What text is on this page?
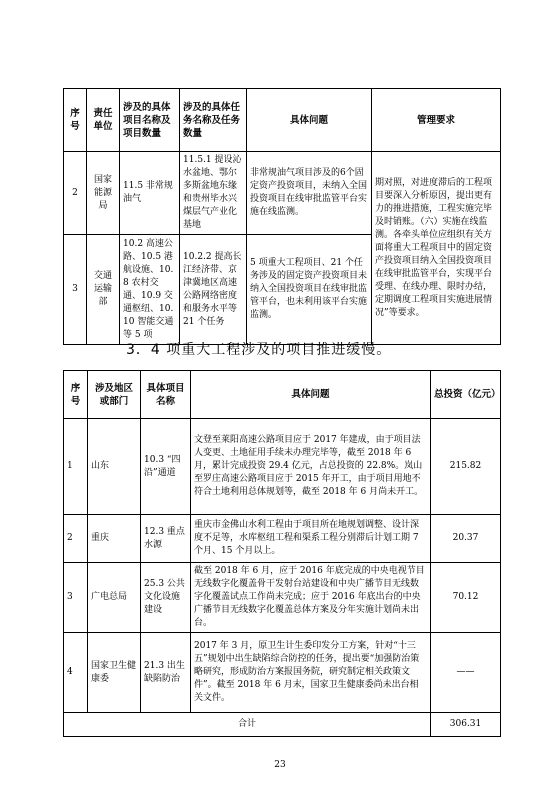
序号	责任单位	涉及的具体项目名称及项目数量	涉及的具体任务名称及任务数量	具体问题	管理要求
2	国家能源局	11.5 非常规油气	11.5.1 提设沁水盆地、鄂尔多斯盆地东缘和贵州毕水兴煤层气产业化基地	非常规油气项目涉及的6个固定资产投资项目，未纳入全国投资项目在线审批监管平台实施在线监测。	期对照，对进度滞后的工程项目要深入分析原因，提出更有力的推进措施，工程实施完毕及时销账。（六）实施在线监测。各牵头单位应组织有关方面将重大工程项目中的固定资产投资项目纳入全国投资项目在线审批监管平台，实现平台受理、在线办理、限时办结，定期调度工程项目实施进展情况”等要求。
3	交通运输部	10.2 高速公路、10.5 港航设施、10.8 农村交通、10.9 交通枢纽、10.10 智能交通等 5 项	10.2.2 提高长江经济带、京津冀地区高速公路网络密度和服务水平等 21 个任务	5 项重大工程项目、21 个任务涉及的固定资产投资项目未纳入全国投资项目在线审批监管平台，也未利用该平台实施监测。	
3．4 项重大工程涉及的项目推进缓慢。
序号	涉及地区或部门	具体项目名称	具体问题	总投资（亿元）
1	山东	10.3 “四沿”通道	文登至莱阳高速公路项目应于 2017 年建成，由于项目法人变更、土地征用手续未办理完毕等，截至 2018 年 6 月，累计完成投资 29.4 亿元，占总投资的 22.8%。岚山至罗庄高速公路项目应于 2015 年开工，由于项目用地不符合土地利用总体规划等，截至 2018 年 6 月尚未开工。	215.82
2	重庆	12.3 重点水源	重庆市金佛山水利工程由于项目所在地规划调整、设计深度不足等，水库枢纽工程和渠系工程分别滞后计划工期 7 个月、15 个月以上。	20.37
3	广电总局	25.3 公共文化设施建设	截至 2018 年 6 月，应于 2016 年底完成的中央电视节目无线数字化覆盖骨干发射台站建设和中央广播节目无线数字化覆盖试点工作尚未完成；应于 2016 年底出台的中央广播节目无线数字化覆盖总体方案及分年实施计划尚未出台。	70.12
4	国家卫生健康委	21.3 出生缺陷防治	2017 年 3 月，原卫生计生委印发分工方案，针对“十三五”规划中出生缺陷综合防控的任务，提出要“加强防治策略研究，形成防治方案报国务院，研究制定相关政策文件”。截至 2018 年 6 月末，国家卫生健康委尚未出台相关文件。	——
合计				306.31
23
